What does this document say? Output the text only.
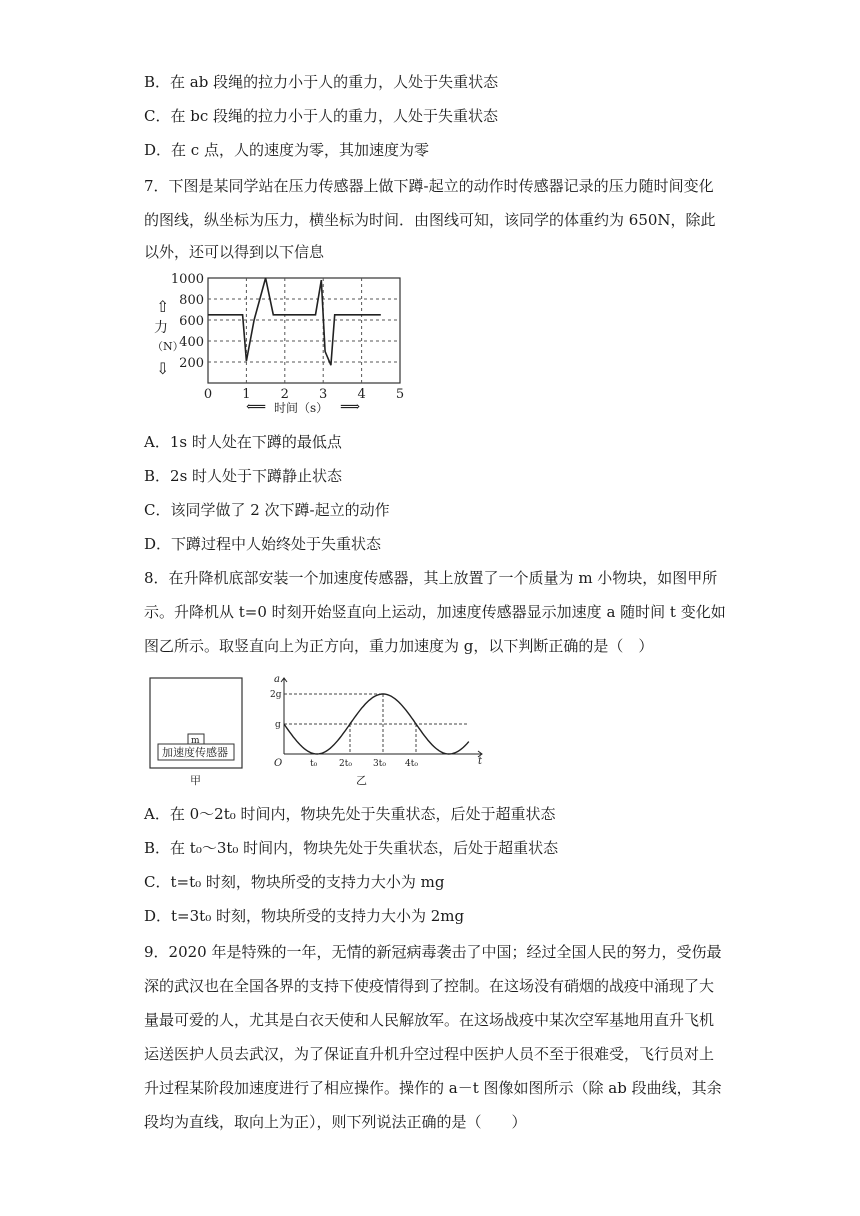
B．在 ab 段绳的拉力小于人的重力，人处于失重状态
C．在 bc 段绳的拉力小于人的重力，人处于失重状态
D．在 c 点，人的速度为零，其加速度为零
7．下图是某同学站在压力传感器上做下蹲-起立的动作时传感器记录的压力随时间变化
的图线，纵坐标为压力，横坐标为时间．由图线可知，该同学的体重约为 650N，除此
以外，还可以得到以下信息
1000
800
600
400
200
0 1 2 3 4 5
力
（N）
⇧
⇩
⟸ 时间（s） ⟹
A．1s 时人处在下蹲的最低点
B．2s 时人处于下蹲静止状态
C．该同学做了 2 次下蹲-起立的动作
D．下蹲过程中人始终处于失重状态
8．在升降机底部安装一个加速度传感器，其上放置了一个质量为 m 小物块，如图甲所
示。升降机从 t=0 时刻开始竖直向上运动，加速度传感器显示加速度 a 随时间 t 变化如
图乙所示。取竖直向上为正方向，重力加速度为 g，以下判断正确的是（　）
m
加速度传感器
甲
a
t
O
2g
g
t₀ 2t₀ 3t₀ 4t₀
乙
A．在 0～2t₀ 时间内，物块先处于失重状态，后处于超重状态
B．在 t₀～3t₀ 时间内，物块先处于失重状态，后处于超重状态
C．t=t₀ 时刻，物块所受的支持力大小为 mg
D．t=3t₀ 时刻，物块所受的支持力大小为 2mg
9．2020 年是特殊的一年，无情的新冠病毒袭击了中国；经过全国人民的努力，受伤最
深的武汉也在全国各界的支持下使疫情得到了控制。在这场没有硝烟的战疫中涌现了大
量最可爱的人，尤其是白衣天使和人民解放军。在这场战疫中某次空军基地用直升飞机
运送医护人员去武汉，为了保证直升机升空过程中医护人员不至于很难受，飞行员对上
升过程某阶段加速度进行了相应操作。操作的 a－t 图像如图所示（除 ab 段曲线，其余
段均为直线，取向上为正），则下列说法正确的是（　　）
